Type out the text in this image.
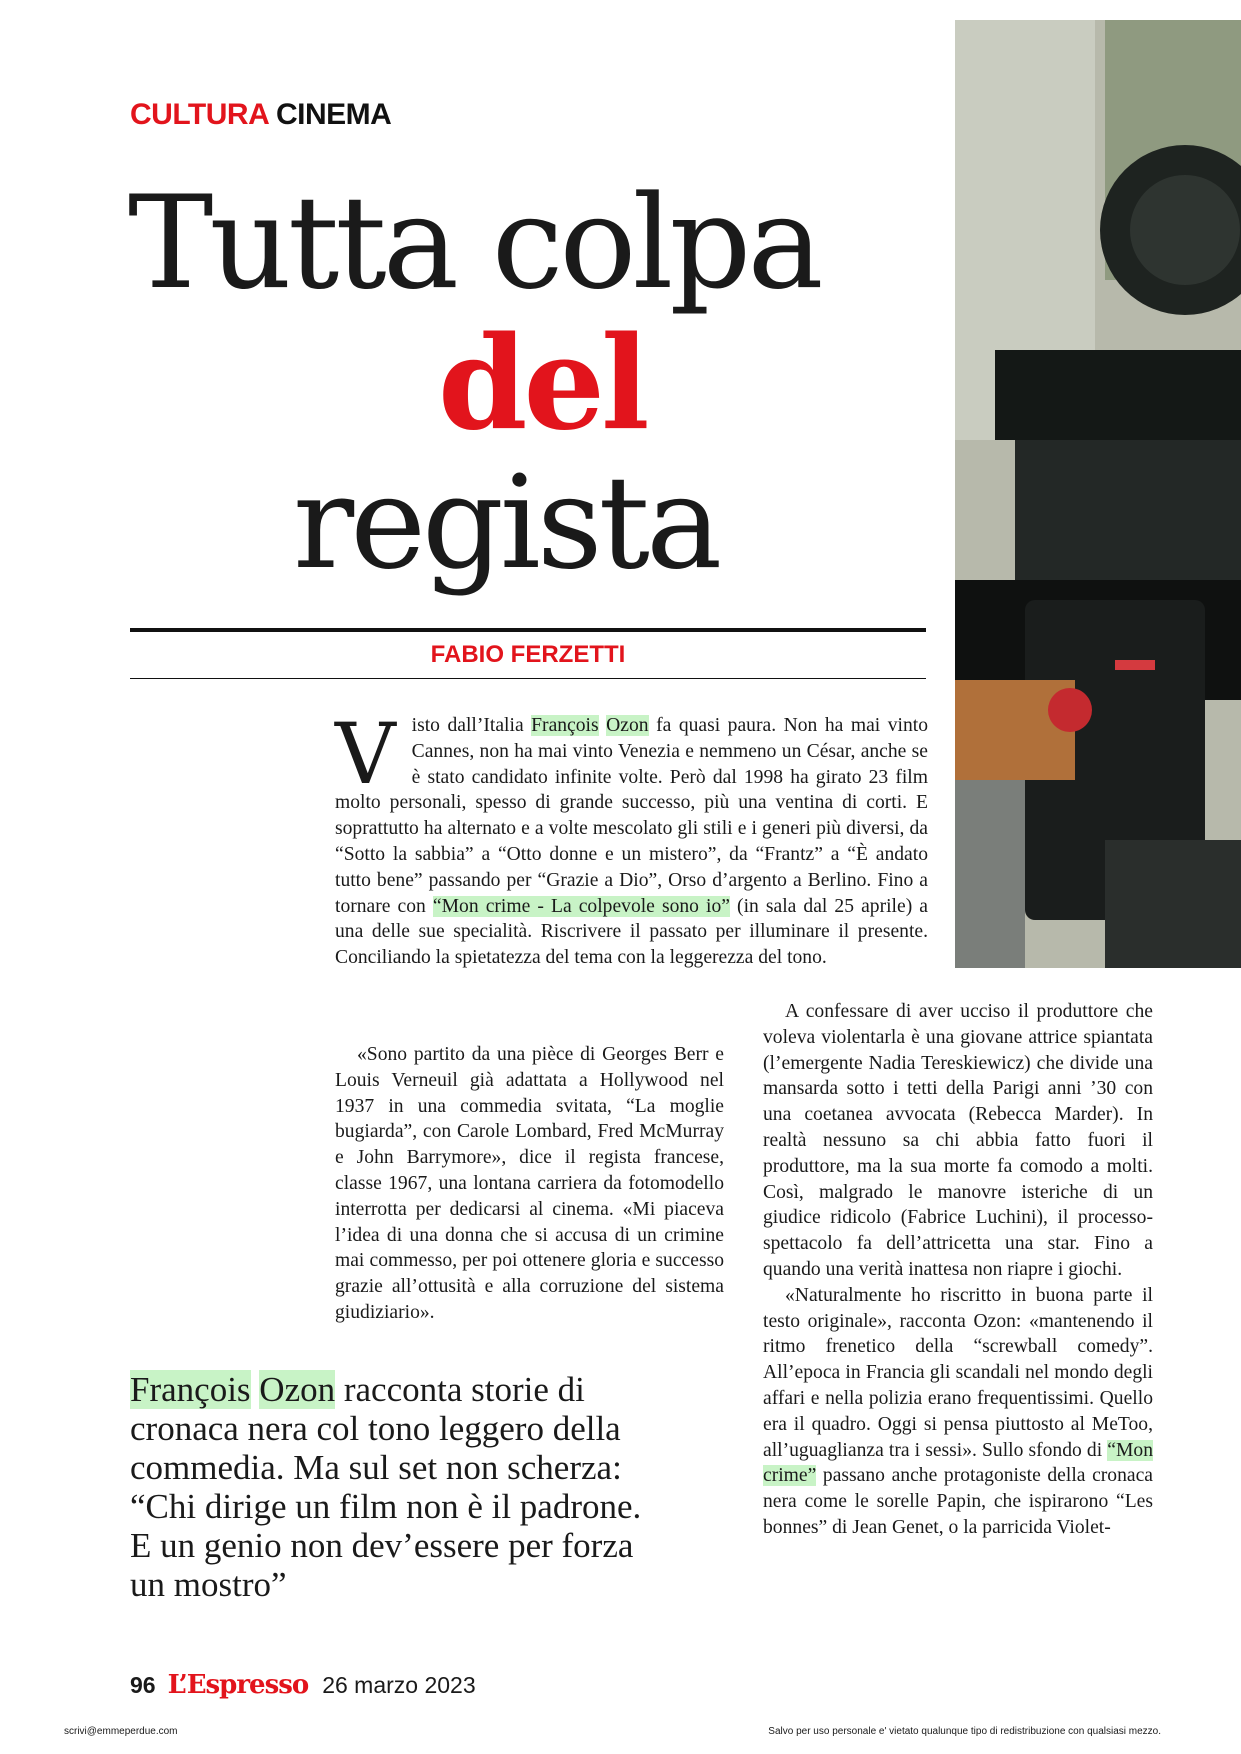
CULTURA CINEMA
Tutta colpa
del
regista
FABIO FERZETTI

Visto dall’Italia François Ozon fa quasi paura. Non ha mai vinto Cannes, non ha mai vinto Venezia e nemmeno un César, anche se è stato candidato infinite volte. Però dal 1998 ha girato 23 film molto personali, spesso di grande successo, più una ventina di corti. E soprattutto ha alternato e a volte mescolato gli stili e i generi più diversi, da “Sotto la sabbia” a “Otto donne e un mistero”, da “Frantz” a “È andato tutto bene” passando per “Grazie a Dio”, Orso d’argento a Berlino. Fino a tornare con “Mon crime - La colpevole sono io” (in sala dal 25 aprile) a una delle sue specialità. Riscrivere il passato per illuminare il presente. Conciliando la spietatezza del tema con la leggerezza del tono.

«Sono partito da una pièce di Georges Berr e Louis Verneuil già adattata a Hollywood nel 1937 in una commedia svitata, “La moglie bugiarda”, con Carole Lombard, Fred McMurray e John Barrymore», dice il regista francese, classe 1967, una lontana carriera da fotomodello interrotta per dedicarsi al cinema. «Mi piaceva l’idea di una donna che si accusa di un crimine mai commesso, per poi ottenere gloria e successo grazie all’ottusità e alla corruzione del sistema giudiziario».

A confessare di aver ucciso il produttore che voleva violentarla è una giovane attrice spiantata (l’emergente Nadia Tereskiewicz) che divide una mansarda sotto i tetti della Parigi anni ’30 con una coetanea avvocata (Rebecca Marder). In realtà nessuno sa chi abbia fatto fuori il produttore, ma la sua morte fa comodo a molti. Così, malgrado le manovre isteriche di un giudice ridicolo (Fabrice Luchini), il processo-spettacolo fa dell’attricetta una star. Fino a quando una verità inattesa non riapre i giochi.

«Naturalmente ho riscritto in buona parte il testo originale», racconta Ozon: «mantenendo il ritmo frenetico della “screwball comedy”. All’epoca in Francia gli scandali nel mondo degli affari e nella polizia erano frequentissimi. Quello era il quadro. Oggi si pensa piuttosto al MeToo, all’uguaglianza tra i sessi». Sullo sfondo di “Mon crime” passano anche protagoniste della cronaca nera come le sorelle Papin, che ispirarono “Les bonnes” di Jean Genet, o la parricida Violet-

François Ozon racconta storie di cronaca nera col tono leggero della commedia. Ma sul set non scherza: “Chi dirige un film non è il padrone. E un genio non dev’essere per forza un mostro”
96 L’Espresso 26 marzo 2023
scrivi@emmeperdue.com	Salvo per uso personale e' vietato qualunque tipo di redistribuzione con qualsiasi mezzo.
